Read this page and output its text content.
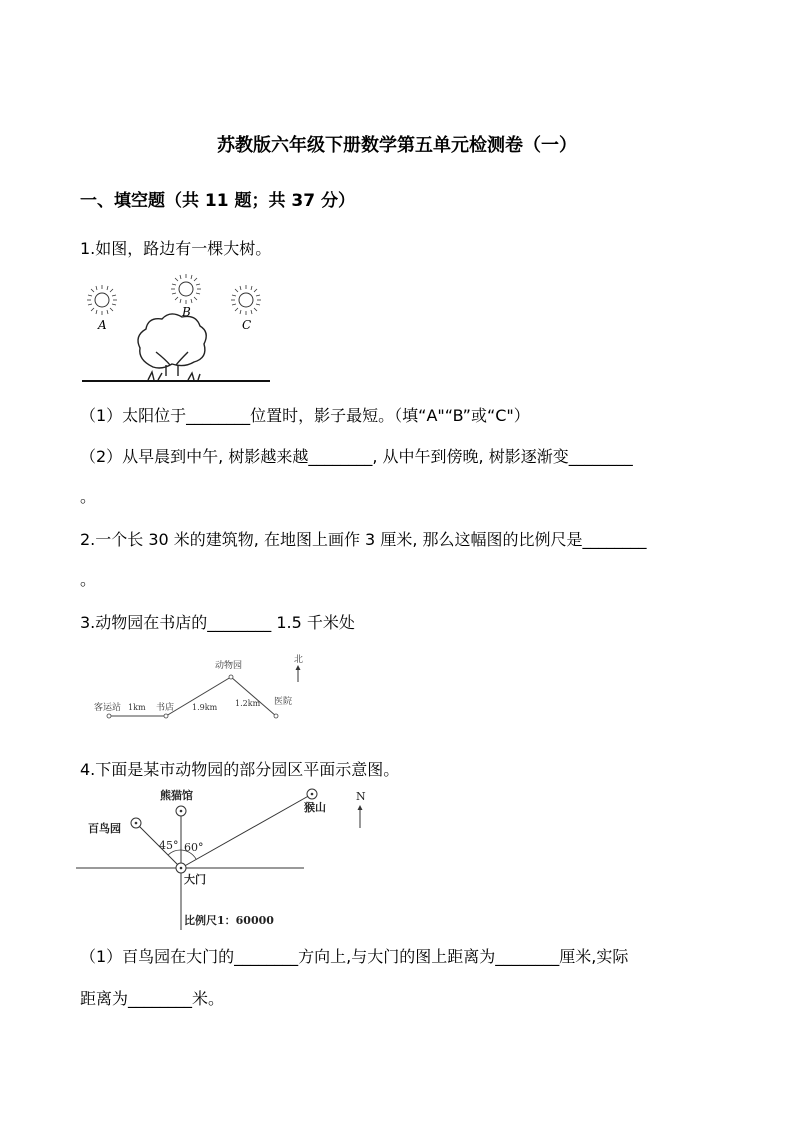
苏教版六年级下册数学第五单元检测卷（一）
一、填空题（共 11 题；共 37 分）
1.如图，路边有一棵大树。
A
B
C
（1）太阳位于________位置时，影子最短。（填“A"“B”或“C"）
（2）从早晨到中午, 树影越来越________, 从中午到傍晚, 树影逐渐变________
。
2.一个长 30 米的建筑物, 在地图上画作 3 厘米, 那么这幅图的比例尺是________
。
3.动物园在书店的________ 1.5 千米处
客运站	书店
动物园
医院
1km	1.9km 1.2km
北
4.下面是某市动物园的部分园区平面示意图。
熊猫馆
百鸟园
猴山
大门
45° 60°
比例尺1：60000
N
（1）百鸟园在大门的________方向上,与大门的图上距离为________厘米,实际
距离为________米。
